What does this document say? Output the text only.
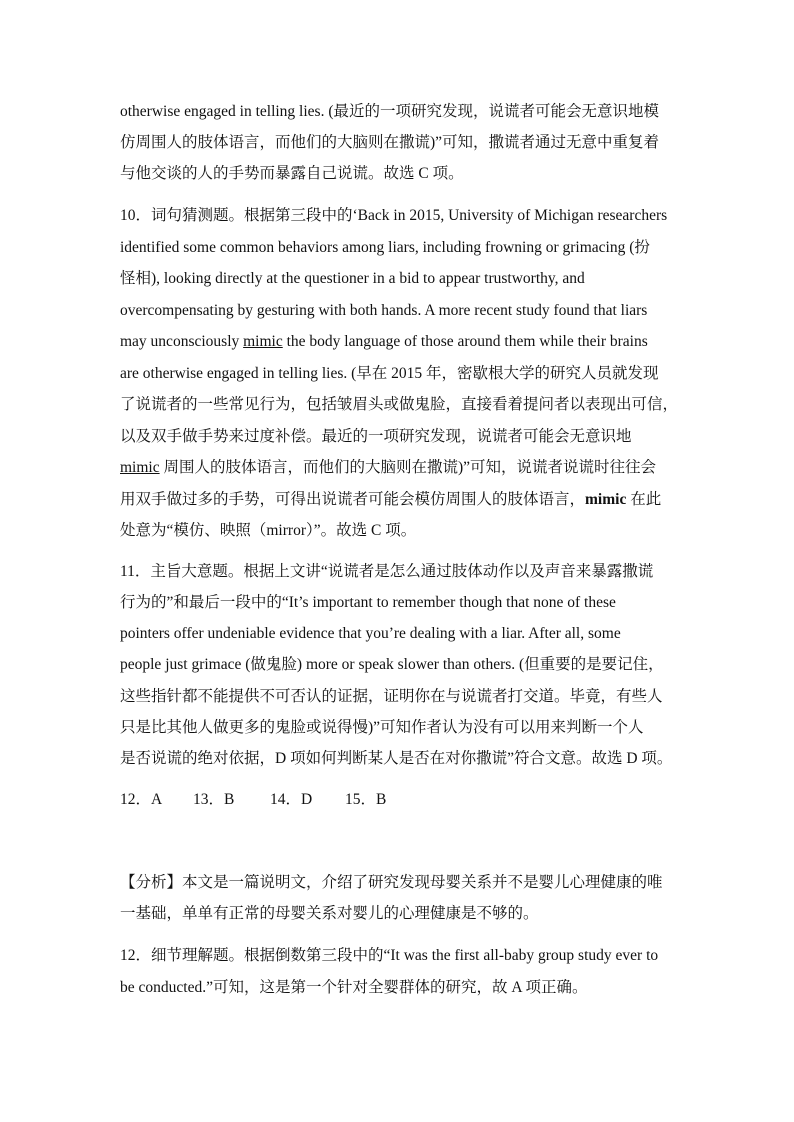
otherwise engaged in telling lies. (最近的一项研究发现，说谎者可能会无意识地模
仿周围人的肢体语言，而他们的大脑则在撒谎)”可知，撒谎者通过无意中重复着
与他交谈的人的手势而暴露自己说谎。故选 C 项。
10．词句猜测题。根据第三段中的‘Back in 2015, University of Michigan researchers
identified some common behaviors among liars, including frowning or grimacing (扮
怪相), looking directly at the questioner in a bid to appear trustworthy, and
overcompensating by gesturing with both hands. A more recent study found that liars
may unconsciously mimic the body language of those around them while their brains
are otherwise engaged in telling lies. (早在 2015 年，密歇根大学的研究人员就发现
了说谎者的一些常见行为，包括皱眉头或做鬼脸，直接看着提问者以表现出可信，
以及双手做手势来过度补偿。最近的一项研究发现，说谎者可能会无意识地
mimic 周围人的肢体语言，而他们的大脑则在撒谎)”可知，说谎者说谎时往往会
用双手做过多的手势，可得出说谎者可能会模仿周围人的肢体语言，mimic 在此
处意为“模仿、映照（mirror）”。故选 C 项。
11．主旨大意题。根据上文讲“说谎者是怎么通过肢体动作以及声音来暴露撒谎
行为的”和最后一段中的“It’s important to remember though that none of these
pointers offer undeniable evidence that you’re dealing with a liar. After all, some
people just grimace (做鬼脸) more or speak slower than others. (但重要的是要记住，
这些指针都不能提供不可否认的证据，证明你在与说谎者打交道。毕竟，有些人
只是比其他人做更多的鬼脸或说得慢)”可知作者认为没有可以用来判断一个人
是否说谎的绝对依据，D 项如何判断某人是否在对你撒谎”符合文意。故选 D 项。
12．A 13．B 14．D 15．B
【分析】本文是一篇说明文，介绍了研究发现母婴关系并不是婴儿心理健康的唯
一基础，单单有正常的母婴关系对婴儿的心理健康是不够的。
12．细节理解题。根据倒数第三段中的“It was the first all-baby group study ever to
be conducted.”可知，这是第一个针对全婴群体的研究，故 A 项正确。
